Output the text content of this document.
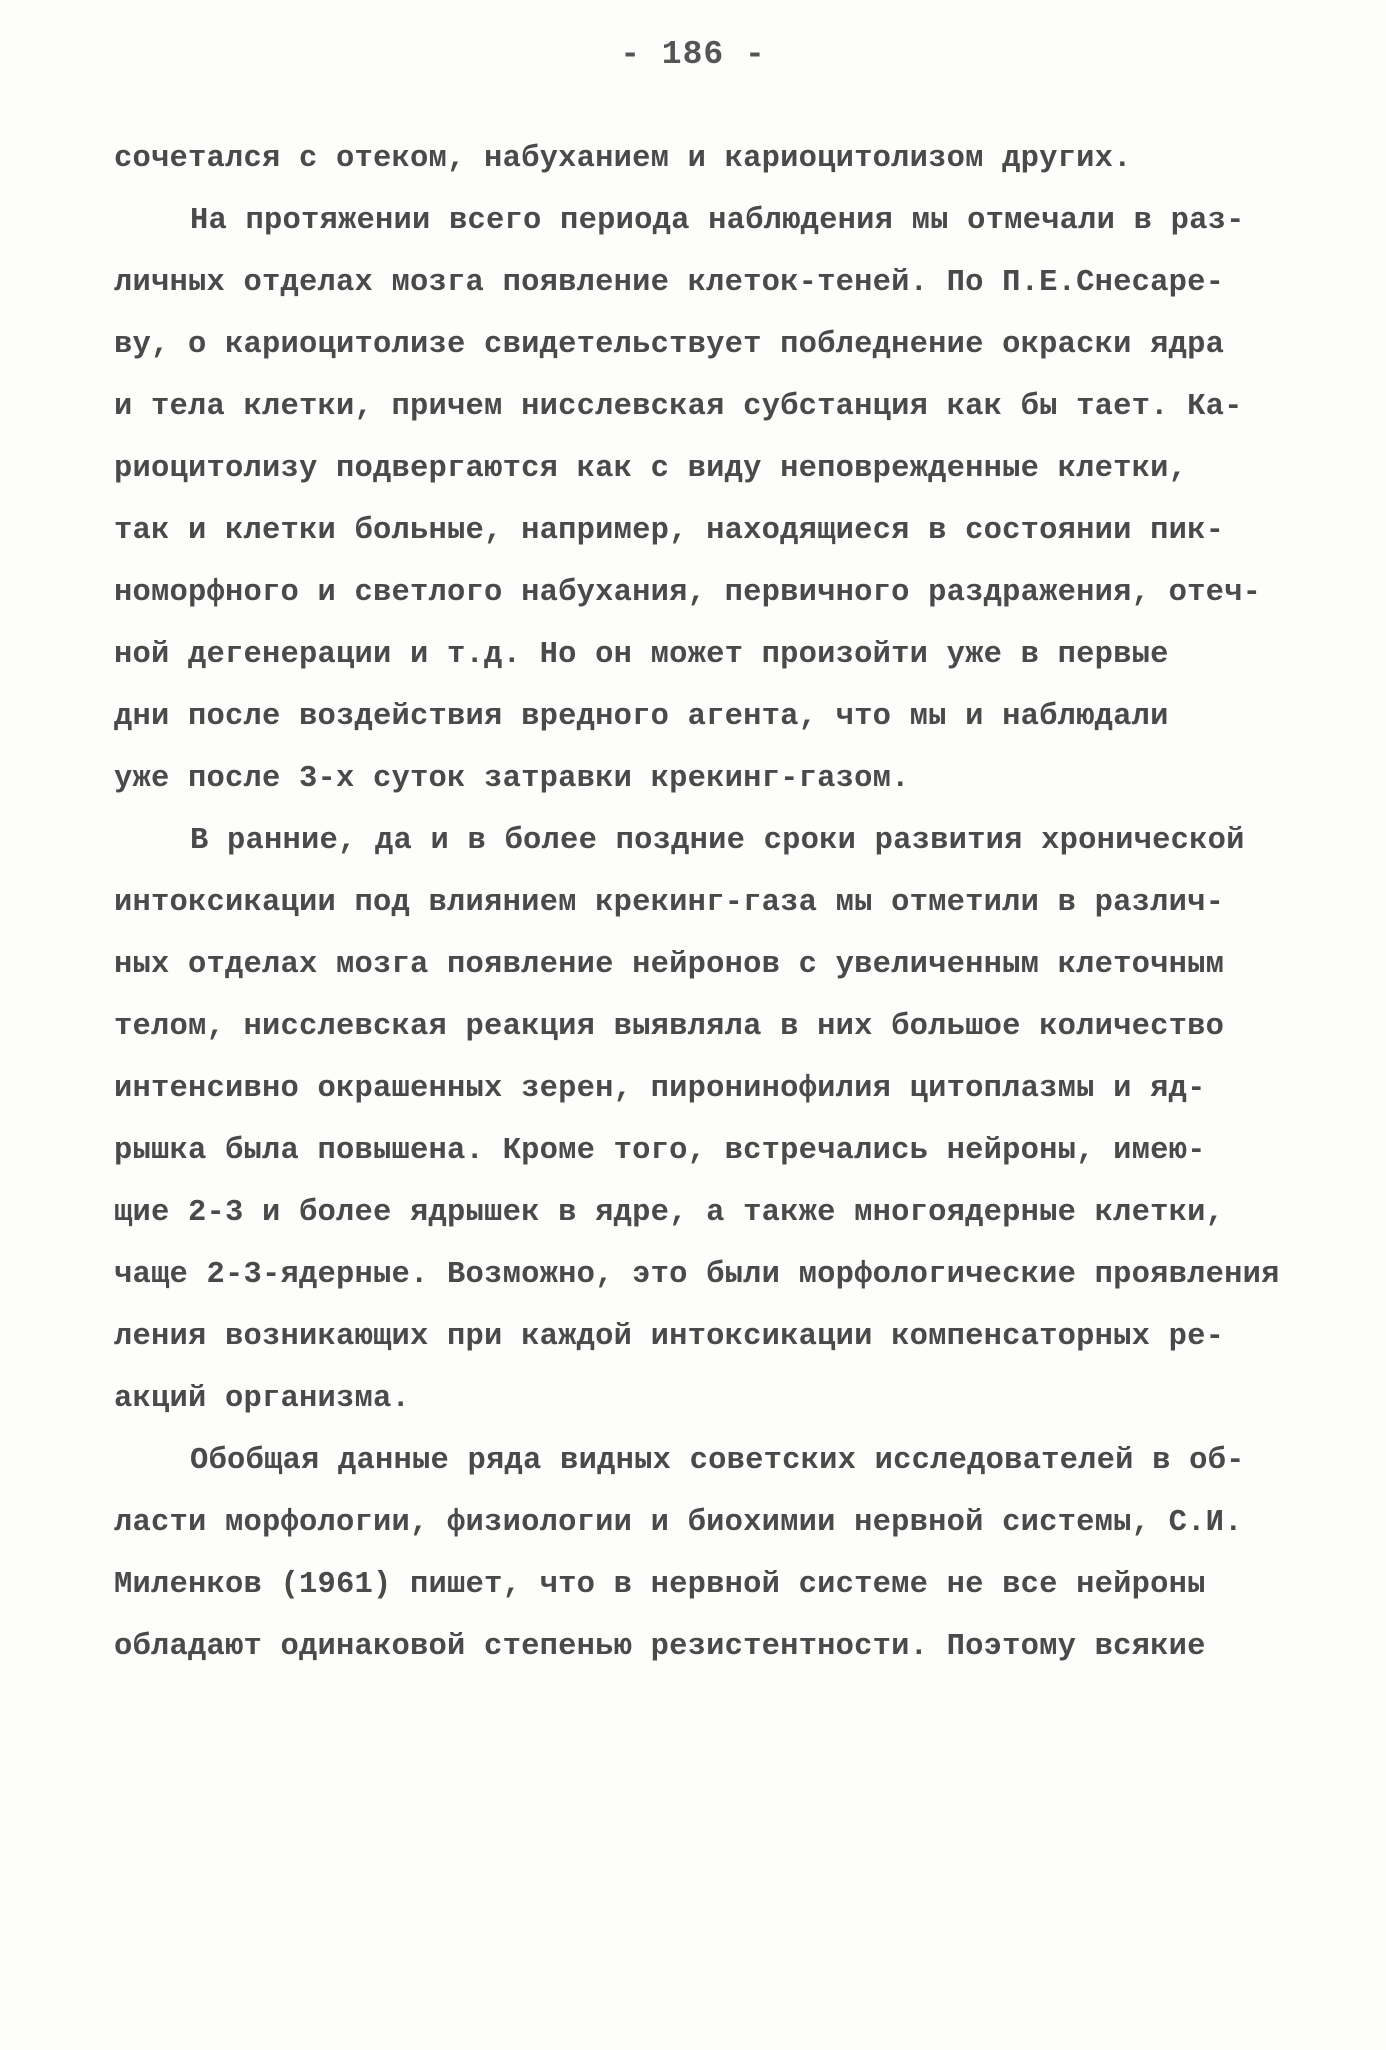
- 186 -
сочетался с отеком, набуханием и кариоцитолизом других.
На протяжении всего периода наблюдения мы отмечали в раз-
личных отделах мозга появление клеток-теней. По П.Е.Снесаре-
ву, о кариоцитолизе свидетельствует побледнение окраски ядра
и тела клетки, причем нисслевская субстанция как бы тает. Ка-
риоцитолизу подвергаются как с виду неповрежденные клетки,
так и клетки больные, например, находящиеся в состоянии пик-
номорфного и светлого набухания, первичного раздражения, отеч-
ной дегенерации и т.д. Но он может произойти уже в первые
дни после воздействия вредного агента, что мы и наблюдали
уже после 3-х суток затравки крекинг-газом.
В ранние, да и в более поздние сроки развития хронической
интоксикации под влиянием крекинг-газа мы отметили в различ-
ных отделах мозга появление нейронов с увеличенным клеточным
телом, нисслевская реакция выявляла в них большое количество
интенсивно окрашенных зерен, пиронинофилия цитоплазмы и яд-
рышка была повышена. Кроме того, встречались нейроны, имею-
щие 2-3 и более ядрышек в ядре, а также многоядерные клетки,
чаще 2-3-ядерные. Возможно, это были морфологические проявления
ления возникающих при каждой интоксикации компенсаторных ре-
акций организма.
Обобщая данные ряда видных советских исследователей в об-
ласти морфологии, физиологии и биохимии нервной системы, С.И.
Миленков (1961) пишет, что в нервной системе не все нейроны
обладают одинаковой степенью резистентности. Поэтому всякие
